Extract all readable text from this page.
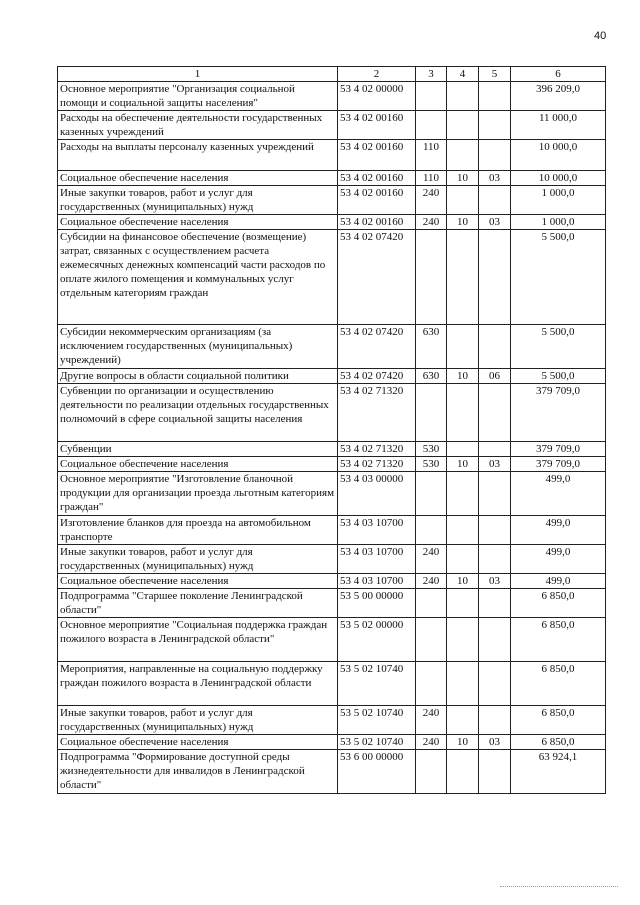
40
1	2	3	4	5	6
Основное мероприятие "Организация социальной помощи и социальной защиты населения"	53 4 02 00000				396 209,0
Расходы на обеспечение деятельности государственных казенных учреждений	53 4 02 00160				11 000,0
Расходы на выплаты персоналу казенных учреждений	53 4 02 00160	110			10 000,0
Социальное обеспечение населения	53 4 02 00160	110	10	03	10 000,0
Иные закупки товаров, работ и услуг для государственных (муниципальных) нужд	53 4 02 00160	240			1 000,0
Социальное обеспечение населения	53 4 02 00160	240	10	03	1 000,0
Субсидии на финансовое обеспечение (возмещение) затрат, связанных с осуществлением расчета ежемесячных денежных компенсаций части расходов по оплате жилого помещения и коммунальных услуг отдельным категориям граждан	53 4 02 07420				5 500,0
Субсидии некоммерческим организациям (за исключением государственных (муниципальных) учреждений)	53 4 02 07420	630			5 500,0
Другие вопросы в области социальной политики	53 4 02 07420	630	10	06	5 500,0
Субвенции по организации и осуществлению деятельности по реализации отдельных государственных полномочий в сфере социальной защиты населения	53 4 02 71320				379 709,0
Субвенции	53 4 02 71320	530			379 709,0
Социальное обеспечение населения	53 4 02 71320	530	10	03	379 709,0
Основное мероприятие "Изготовление бланочной продукции для организации проезда льготным категориям граждан"	53 4 03 00000				499,0
Изготовление бланков для проезда на автомобильном транспорте	53 4 03 10700				499,0
Иные закупки товаров, работ и услуг для государственных (муниципальных) нужд	53 4 03 10700	240			499,0
Социальное обеспечение населения	53 4 03 10700	240	10	03	499,0
Подпрограмма "Старшее поколение Ленинградской области"	53 5 00 00000				6 850,0
Основное мероприятие "Социальная поддержка граждан пожилого возраста в Ленинградской области"	53 5 02 00000				6 850,0
Мероприятия, направленные на социальную поддержку граждан пожилого возраста в Ленинградской области	53 5 02 10740				6 850,0
Иные закупки товаров, работ и услуг для государственных (муниципальных) нужд	53 5 02 10740	240			6 850,0
Социальное обеспечение населения	53 5 02 10740	240	10	03	6 850,0
Подпрограмма "Формирование доступной среды жизнедеятельности для инвалидов в Ленинградской области"	53 6 00 00000				63 924,1
